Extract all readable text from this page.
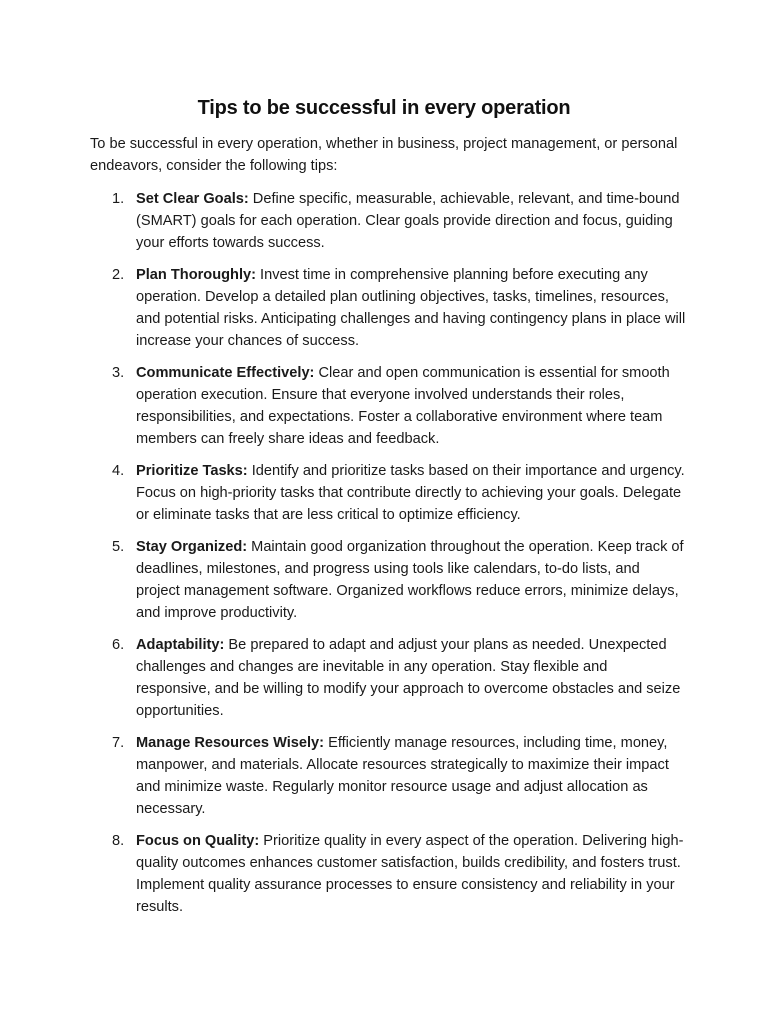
Tips to be successful in every operation

To be successful in every operation, whether in business, project management, or personal endeavors, consider the following tips:

1. Set Clear Goals: Define specific, measurable, achievable, relevant, and time-bound (SMART) goals for each operation. Clear goals provide direction and focus, guiding your efforts towards success.
2. Plan Thoroughly: Invest time in comprehensive planning before executing any operation. Develop a detailed plan outlining objectives, tasks, timelines, resources, and potential risks. Anticipating challenges and having contingency plans in place will increase your chances of success.
3. Communicate Effectively: Clear and open communication is essential for smooth operation execution. Ensure that everyone involved understands their roles, responsibilities, and expectations. Foster a collaborative environment where team members can freely share ideas and feedback.
4. Prioritize Tasks: Identify and prioritize tasks based on their importance and urgency. Focus on high-priority tasks that contribute directly to achieving your goals. Delegate or eliminate tasks that are less critical to optimize efficiency.
5. Stay Organized: Maintain good organization throughout the operation. Keep track of deadlines, milestones, and progress using tools like calendars, to-do lists, and project management software. Organized workflows reduce errors, minimize delays, and improve productivity.
6. Adaptability: Be prepared to adapt and adjust your plans as needed. Unexpected challenges and changes are inevitable in any operation. Stay flexible and responsive, and be willing to modify your approach to overcome obstacles and seize opportunities.
7. Manage Resources Wisely: Efficiently manage resources, including time, money, manpower, and materials. Allocate resources strategically to maximize their impact and minimize waste. Regularly monitor resource usage and adjust allocation as necessary.
8. Focus on Quality: Prioritize quality in every aspect of the operation. Delivering high-quality outcomes enhances customer satisfaction, builds credibility, and fosters trust. Implement quality assurance processes to ensure consistency and reliability in your results.
